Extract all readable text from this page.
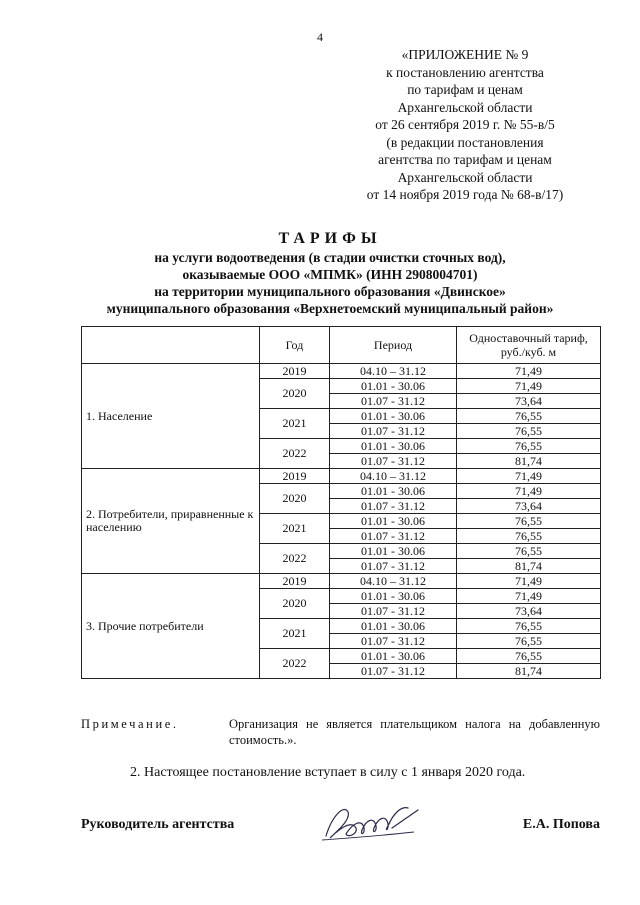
4
«ПРИЛОЖЕНИЕ № 9
к постановлению агентства
по тарифам и ценам
Архангельской области
от 26 сентября 2019 г. № 55-в/5
(в редакции постановления
агентства по тарифам и ценам
Архангельской области
от 14 ноября 2019 года № 68-в/17)
ТАРИФЫ
на услуги водоотведения (в стадии очистки сточных вод),
оказываемые ООО «МПМК» (ИНН 2908004701)
на территории муниципального образования «Двинское»
муниципального образования «Верхнетоемский муниципальный район»
	Год	Период	Одноставочный тариф, руб./куб. м
1. Население	2019	04.10 – 31.12	71,49
	2020	01.01 - 30.06	71,49
		01.07 - 31.12	73,64
	2021	01.01 - 30.06	76,55
		01.07 - 31.12	76,55
	2022	01.01 - 30.06	76,55
		01.07 - 31.12	81,74
2. Потребители, приравненные к населению	2019	04.10 – 31.12	71,49
	2020	01.01 - 30.06	71,49
		01.07 - 31.12	73,64
	2021	01.01 - 30.06	76,55
		01.07 - 31.12	76,55
	2022	01.01 - 30.06	76,55
		01.07 - 31.12	81,74
3. Прочие потребители	2019	04.10 – 31.12	71,49
	2020	01.01 - 30.06	71,49
		01.07 - 31.12	73,64
	2021	01.01 - 30.06	76,55
		01.07 - 31.12	76,55
	2022	01.01 - 30.06	76,55
		01.07 - 31.12	81,74
Примечание.	Организация не является плательщиком налога на добавленную стоимость.».
2. Настоящее постановление вступает в силу с 1 января 2020 года.
Руководитель агентства	Е.А. Попова
